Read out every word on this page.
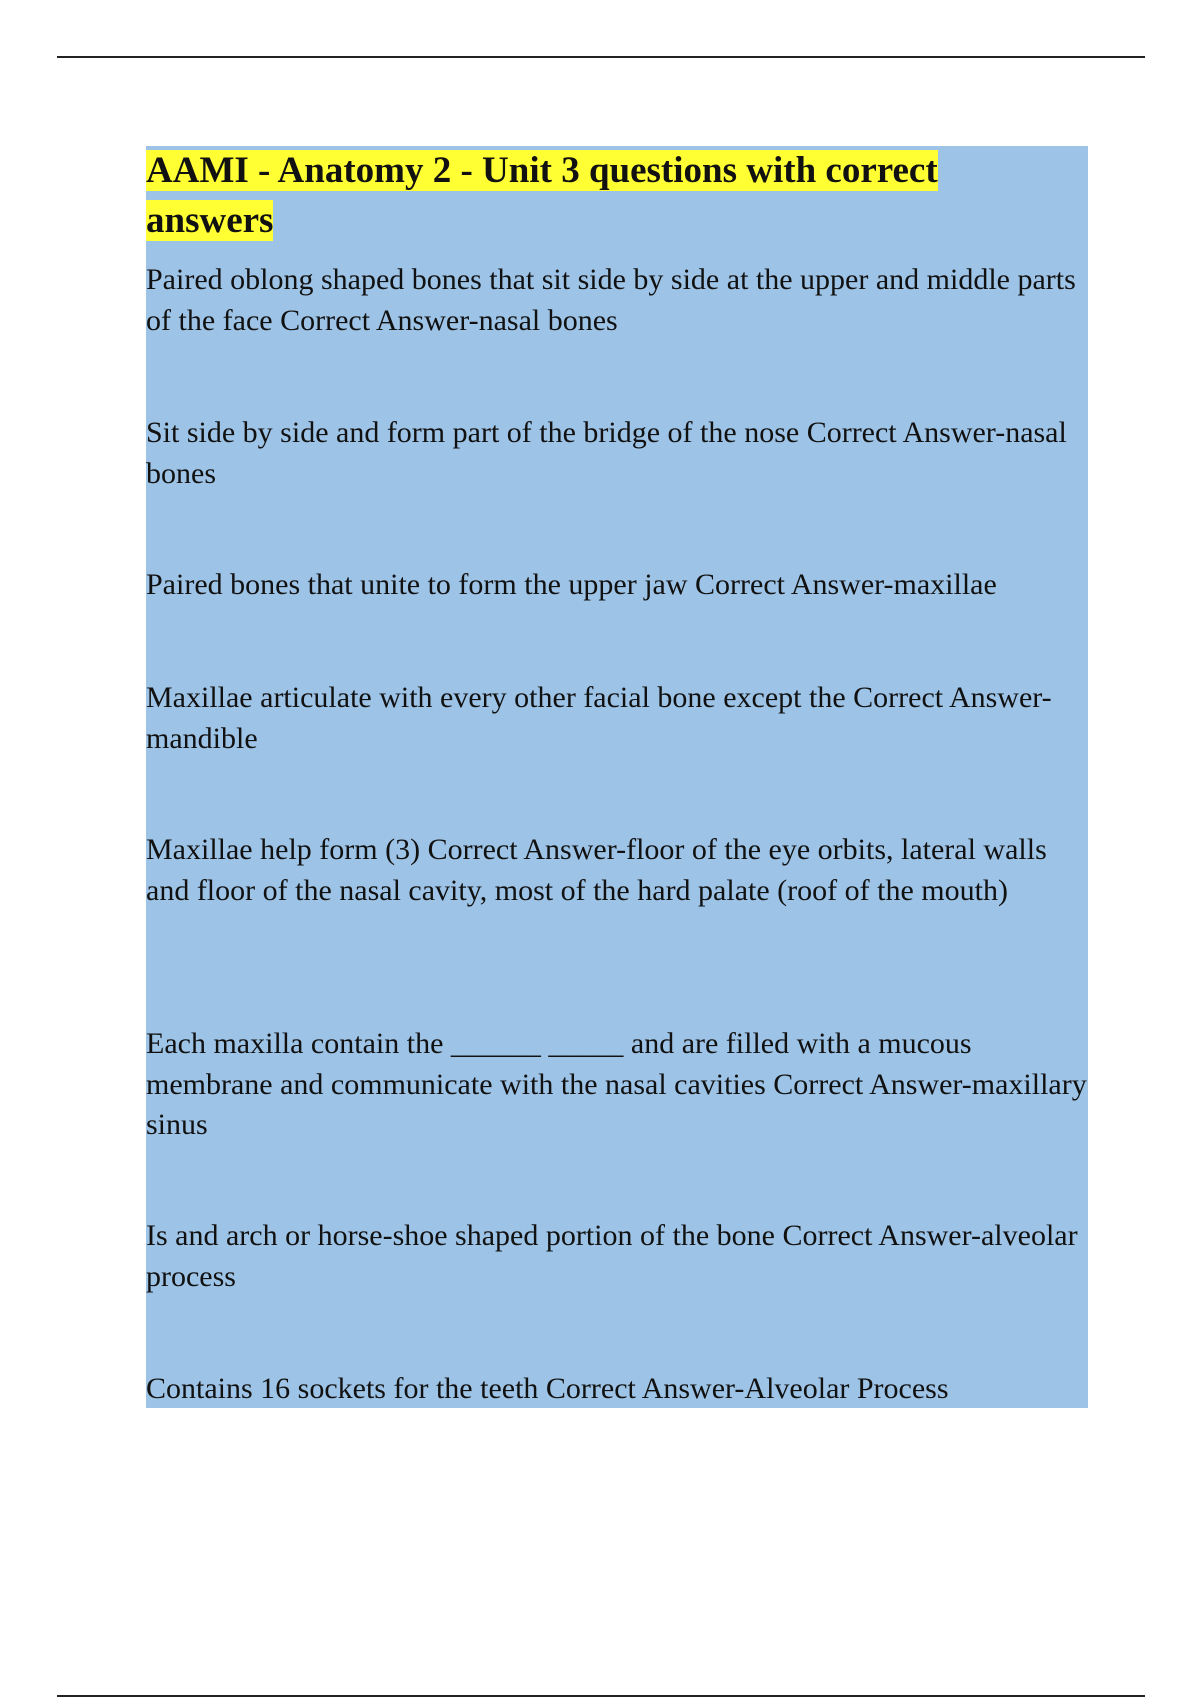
AAMI - Anatomy 2 - Unit 3 questions with correct answers

Paired oblong shaped bones that sit side by side at the upper and middle parts of the face Correct Answer-nasal bones

Sit side by side and form part of the bridge of the nose Correct Answer-nasal bones

Paired bones that unite to form the upper jaw Correct Answer-maxillae

Maxillae articulate with every other facial bone except the Correct Answer-mandible

Maxillae help form (3) Correct Answer-floor of the eye orbits, lateral walls and floor of the nasal cavity, most of the hard palate (roof of the mouth)

Each maxilla contain the ______ _____ and are filled with a mucous membrane and communicate with the nasal cavities Correct Answer-maxillary sinus

Is and arch or horse-shoe shaped portion of the bone Correct Answer-alveolar process

Contains 16 sockets for the teeth Correct Answer-Alveolar Process
